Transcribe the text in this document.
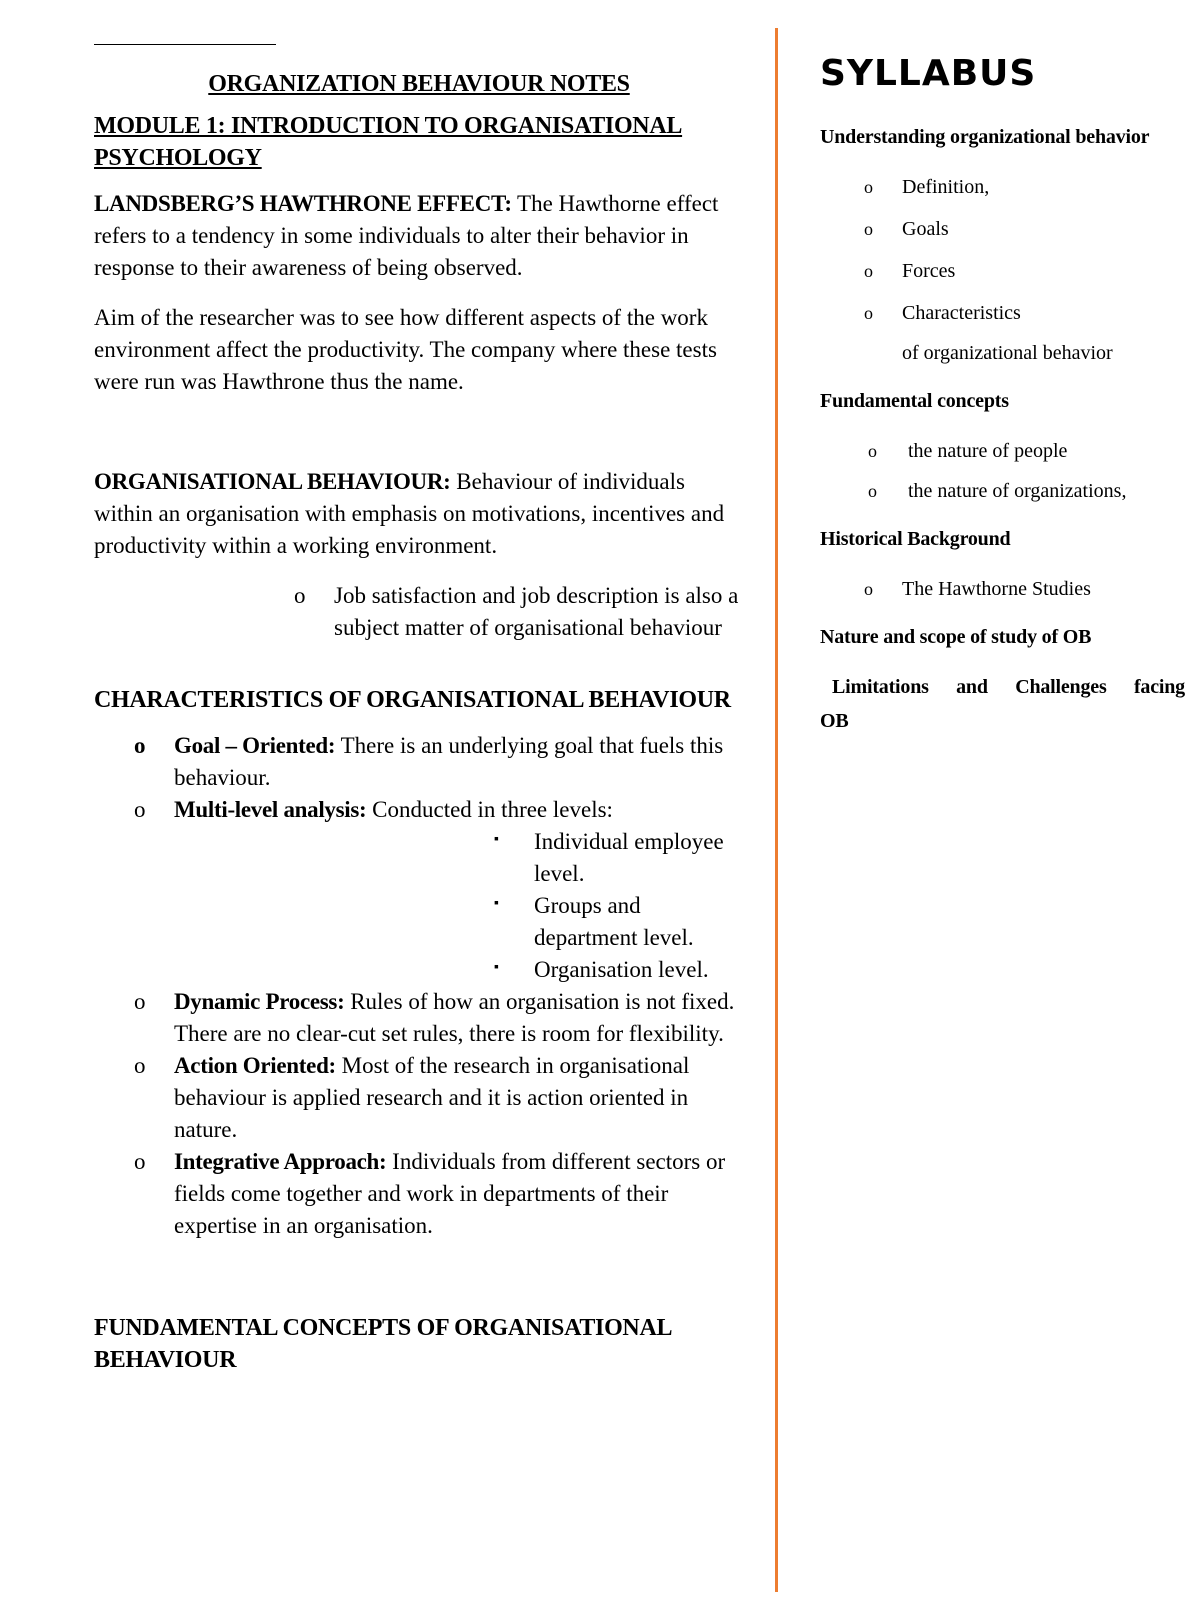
ORGANIZATION BEHAVIOUR NOTES
MODULE 1: INTRODUCTION TO ORGANISATIONAL PSYCHOLOGY

LANDSBERG’S HAWTHRONE EFFECT: The Hawthorne effect refers to a tendency in some individuals to alter their behavior in response to their awareness of being observed.

Aim of the researcher was to see how different aspects of the work environment affect the productivity. The company where these tests were run was Hawthrone thus the name.

ORGANISATIONAL BEHAVIOUR: Behaviour of individuals within an organisation with emphasis on motivations, incentives and productivity within a working environment.

o Job satisfaction and job description is also a subject matter of organisational behaviour
CHARACTERISTICS OF ORGANISATIONAL BEHAVIOUR
o Goal – Oriented: There is an underlying goal that fuels this behaviour.
o Multi-level analysis: Conducted in three levels:
▪ Individual employee level.
▪ Groups and department level.
▪ Organisation level.
o Dynamic Process: Rules of how an organisation is not fixed. There are no clear-cut set rules, there is room for flexibility.
o Action Oriented: Most of the research in organisational behaviour is applied research and it is action oriented in nature.
o Integrative Approach: Individuals from different sectors or fields come together and work in departments of their expertise in an organisation.
FUNDAMENTAL CONCEPTS OF ORGANISATIONAL BEHAVIOUR
SYLLABUS
Understanding organizational behavior
o Definition,
o Goals
o Forces
o Characteristics
of organizational behavior
Fundamental concepts
o the nature of people
o the nature of organizations,
Historical Background
o The Hawthorne Studies
Nature and scope of study of OB
Limitations and Challenges facing
OB
